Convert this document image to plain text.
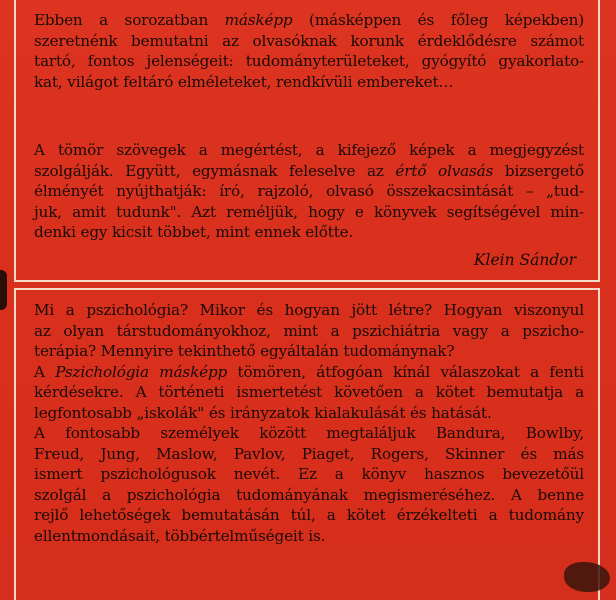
Ebben a sorozatban másképp (másképpen és főleg képekben)
szeretnénk bemutatni az olvasóknak korunk érdeklődésre számot
tartó, fontos jelenségeit: tudományterületeket, gyógyító gyakorlato-
kat, világot feltáró elméleteket, rendkívüli embereket…
A tömör szövegek a megértést, a kifejező képek a megjegyzést
szolgálják. Együtt, egymásnak feleselve az értő olvasás bizsergető
élményét nyújthatják: író, rajzoló, olvasó összekacsintását – „tud-
juk, amit tudunk". Azt reméljük, hogy e könyvek segítségével min-
denki egy kicsit többet, mint ennek előtte.
Klein Sándor
Mi a pszichológia? Mikor és hogyan jött létre? Hogyan viszonyul
az olyan társtudományokhoz, mint a pszichiátria vagy a pszicho-
terápia? Mennyire tekinthető egyáltalán tudománynak?
A Pszichológia másképp tömören, átfogóan kínál válaszokat a fenti
kérdésekre. A történeti ismertetést követően a kötet bemutatja a
legfontosabb „iskolák" és irányzatok kialakulását és hatását.
A fontosabb személyek között megtaláljuk Bandura, Bowlby,
Freud, Jung, Maslow, Pavlov, Piaget, Rogers, Skinner és más
ismert pszichológusok nevét. Ez a könyv hasznos bevezetőül
szolgál a pszichológia tudományának megismeréséhez. A benne
rejlő lehetőségek bemutatásán túl, a kötet érzékelteti a tudomány
ellentmondásait, többértelműségeit is.
